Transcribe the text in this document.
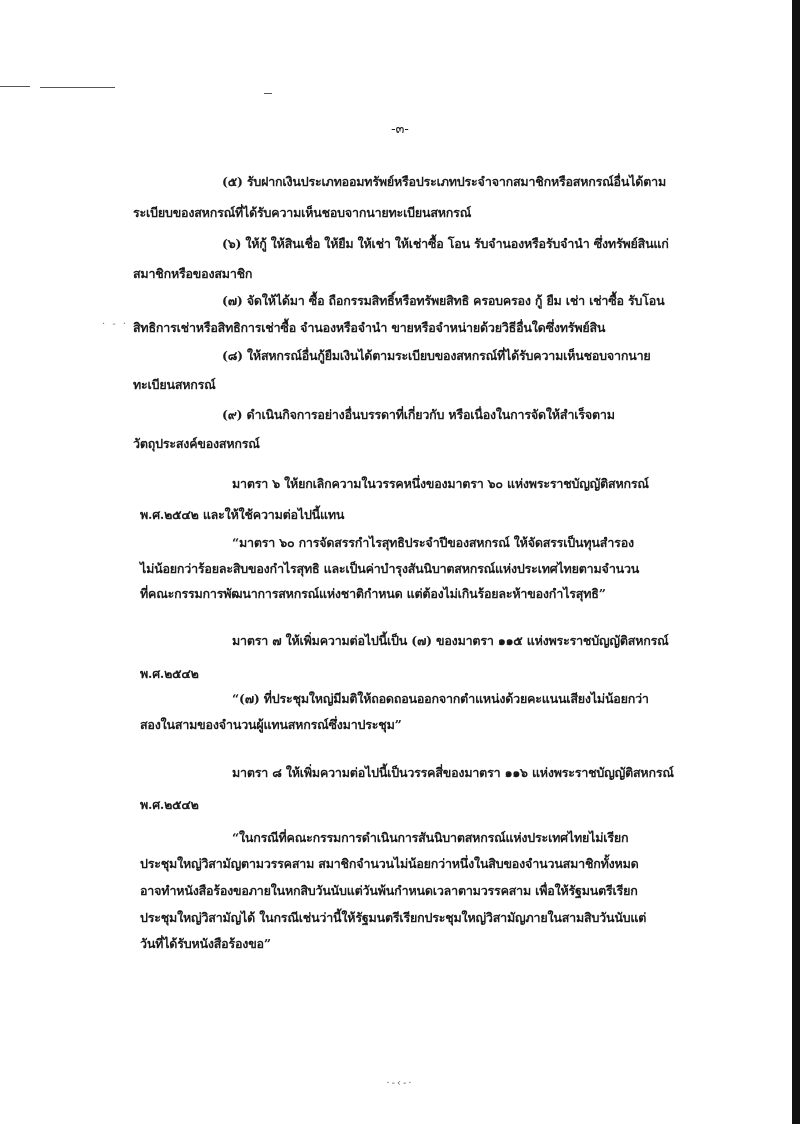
· - ·
-๓-
(๕) รับฝากเงินประเภทออมทรัพย์หรือประเภทประจำจากสมาชิกหรือสหกรณ์อื่นได้ตาม
ระเบียบของสหกรณ์ที่ได้รับความเห็นชอบจากนายทะเบียนสหกรณ์
(๖) ให้กู้ ให้สินเชื่อ ให้ยืม ให้เช่า ให้เช่าซื้อ โอน รับจำนองหรือรับจำนำ ซึ่งทรัพย์สินแก่
สมาชิกหรือของสมาชิก
(๗) จัดให้ได้มา ซื้อ ถือกรรมสิทธิ์หรือทรัพยสิทธิ ครอบครอง กู้ ยืม เช่า เช่าซื้อ รับโอน
สิทธิการเช่าหรือสิทธิการเช่าซื้อ จำนองหรือจำนำ ขายหรือจำหน่ายด้วยวิธีอื่นใดซึ่งทรัพย์สิน
(๘) ให้สหกรณ์อื่นกู้ยืมเงินได้ตามระเบียบของสหกรณ์ที่ได้รับความเห็นชอบจากนาย
ทะเบียนสหกรณ์
(๙) ดำเนินกิจการอย่างอื่นบรรดาที่เกี่ยวกับ หรือเนื่องในการจัดให้สำเร็จตาม
วัตถุประสงค์ของสหกรณ์
มาตรา ๖ ให้ยกเลิกความในวรรคหนึ่งของมาตรา ๖๐ แห่งพระราชบัญญัติสหกรณ์
พ.ศ.๒๕๔๒ และให้ใช้ความต่อไปนี้แทน
“มาตรา ๖๐ การจัดสรรกำไรสุทธิประจำปีของสหกรณ์ ให้จัดสรรเป็นทุนสำรอง
ไม่น้อยกว่าร้อยละสิบของกำไรสุทธิ และเป็นค่าบำรุงสันนิบาตสหกรณ์แห่งประเทศไทยตามจำนวน
ที่คณะกรรมการพัฒนาการสหกรณ์แห่งชาติกำหนด แต่ต้องไม่เกินร้อยละห้าของกำไรสุทธิ”
มาตรา ๗ ให้เพิ่มความต่อไปนี้เป็น (๗) ของมาตรา ๑๑๕ แห่งพระราชบัญญัติสหกรณ์
พ.ศ.๒๕๔๒
“(๗) ที่ประชุมใหญ่มีมติให้ถอดถอนออกจากตำแหน่งด้วยคะแนนเสียงไม่น้อยกว่า
สองในสามของจำนวนผู้แทนสหกรณ์ซึ่งมาประชุม”
มาตรา ๘ ให้เพิ่มความต่อไปนี้เป็นวรรคสี่ของมาตรา ๑๑๖ แห่งพระราชบัญญัติสหกรณ์
พ.ศ.๒๕๔๒
“ในกรณีที่คณะกรรมการดำเนินการสันนิบาตสหกรณ์แห่งประเทศไทยไม่เรียก
ประชุมใหญ่วิสามัญตามวรรคสาม สมาชิกจำนวนไม่น้อยกว่าหนึ่งในสิบของจำนวนสมาชิกทั้งหมด
อาจทำหนังสือร้องขอภายในหกสิบวันนับแต่วันพ้นกำหนดเวลาตามวรรคสาม เพื่อให้รัฐมนตรีเรียก
ประชุมใหญ่วิสามัญได้ ในกรณีเช่นว่านี้ให้รัฐมนตรีเรียกประชุมใหญ่วิสามัญภายในสามสิบวันนับแต่
วันที่ได้รับหนังสือร้องขอ”
·-‹-·
